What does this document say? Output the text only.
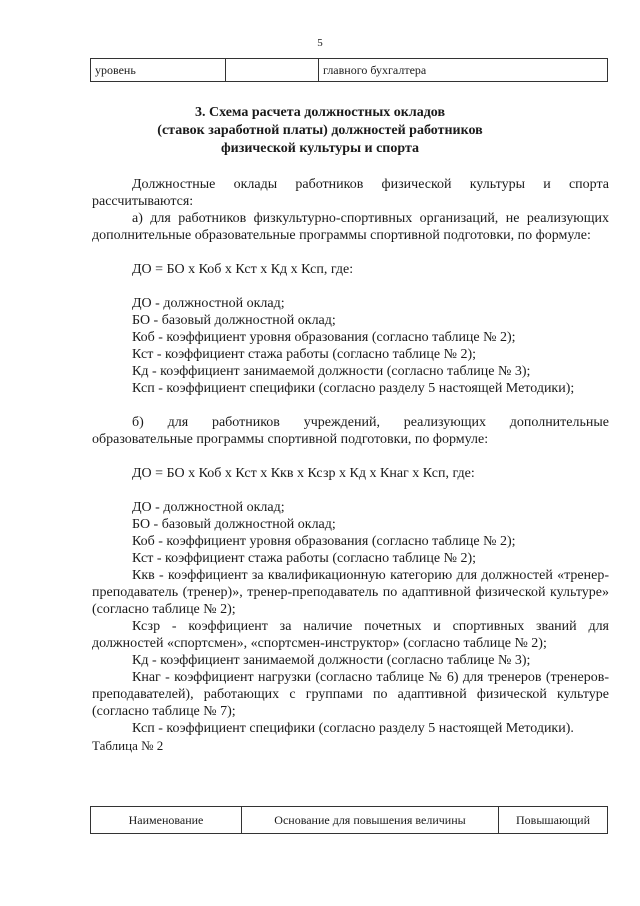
5
уровень		главного бухгалтера
3. Схема расчета должностных окладов
(ставок заработной платы) должностей работников
физической культуры и спорта

Должностные оклады работников физической культуры и спорта рассчитываются:

а) для работников физкультурно-спортивных организаций, не реализующих дополнительные образовательные программы спортивной подготовки, по формуле:

ДО = БО х Коб х Кст х Кд х Ксп, где:

ДО - должностной оклад;

БО - базовый должностной оклад;

Коб - коэффициент уровня образования (согласно таблице № 2);

Кст - коэффициент стажа работы (согласно таблице № 2);

Кд - коэффициент занимаемой должности (согласно таблице № 3);

Ксп - коэффициент специфики (согласно разделу 5 настоящей Методики);

б) для работников учреждений, реализующих дополнительные образовательные программы спортивной подготовки, по формуле:

ДО = БО х Коб х Кст х Ккв х Ксзр х Кд х Кнаг х Ксп, где:

ДО - должностной оклад;

БО - базовый должностной оклад;

Коб - коэффициент уровня образования (согласно таблице № 2);

Кст - коэффициент стажа работы (согласно таблице № 2);

Ккв - коэффициент за квалификационную категорию для должностей «тренер-преподаватель (тренер)», тренер-преподаватель по адаптивной физической культуре» (согласно таблице № 2);

Ксзр - коэффициент за наличие почетных и спортивных званий для должностей «спортсмен», «спортсмен-инструктор» (согласно таблице № 2);

Кд - коэффициент занимаемой должности (согласно таблице № 3);

Кнаг - коэффициент нагрузки (согласно таблице № 6) для тренеров (тренеров-преподавателей), работающих с группами по адаптивной физической культуре (согласно таблице № 7);

Ксп - коэффициент специфики (согласно разделу 5 настоящей Методики).

Таблица № 2

Наименование	Основание для повышения величины	Повышающий
